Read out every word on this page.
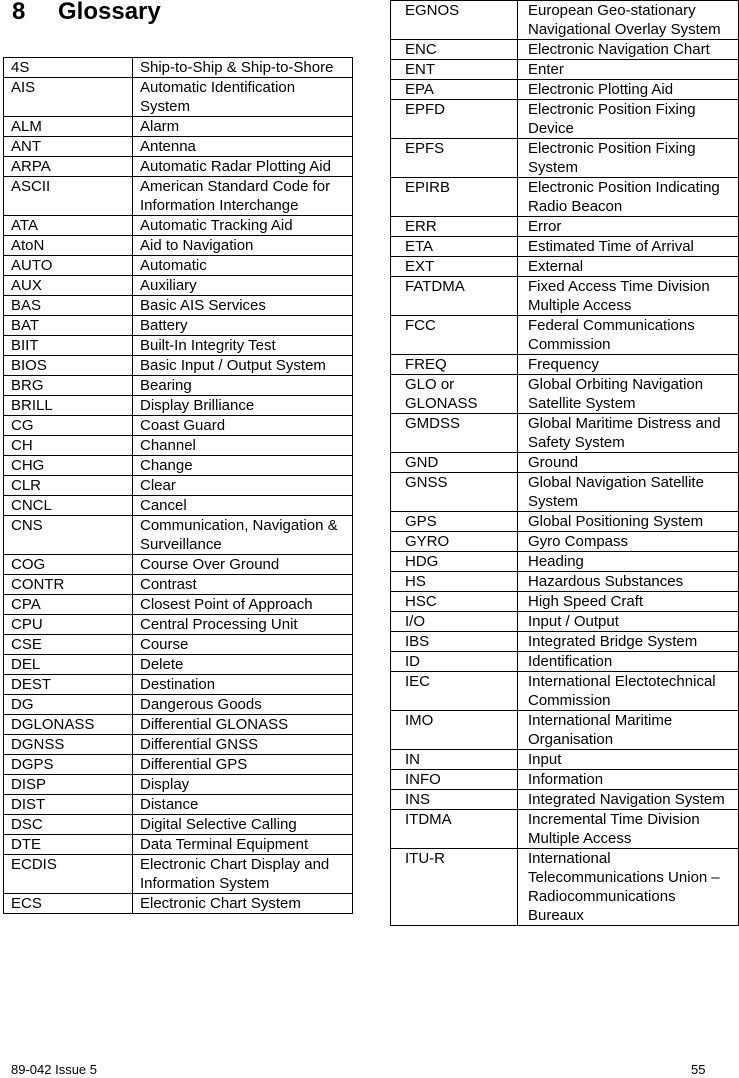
8 Glossary
4S	Ship-to-Ship & Ship-to-Shore
AIS	Automatic Identification System
ALM	Alarm
ANT	Antenna
ARPA	Automatic Radar Plotting Aid
ASCII	American Standard Code for Information Interchange
ATA	Automatic Tracking Aid
AtoN	Aid to Navigation
AUTO	Automatic
AUX	Auxiliary
BAS	Basic AIS Services
BAT	Battery
BIIT	Built-In Integrity Test
BIOS	Basic Input / Output System
BRG	Bearing
BRILL	Display Brilliance
CG	Coast Guard
CH	Channel
CHG	Change
CLR	Clear
CNCL	Cancel
CNS	Communication, Navigation & Surveillance
COG	Course Over Ground
CONTR	Contrast
CPA	Closest Point of Approach
CPU	Central Processing Unit
CSE	Course
DEL	Delete
DEST	Destination
DG	Dangerous Goods
DGLONASS	Differential GLONASS
DGNSS	Differential GNSS
DGPS	Differential GPS
DISP	Display
DIST	Distance
DSC	Digital Selective Calling
DTE	Data Terminal Equipment
ECDIS	Electronic Chart Display and Information System
ECS	Electronic Chart System
EGNOS	European Geo-stationary Navigational Overlay System
ENC	Electronic Navigation Chart
ENT	Enter
EPA	Electronic Plotting Aid
EPFD	Electronic Position Fixing Device
EPFS	Electronic Position Fixing System
EPIRB	Electronic Position Indicating Radio Beacon
ERR	Error
ETA	Estimated Time of Arrival
EXT	External
FATDMA	Fixed Access Time Division Multiple Access
FCC	Federal Communications Commission
FREQ	Frequency
GLO or GLONASS	Global Orbiting Navigation Satellite System
GMDSS	Global Maritime Distress and Safety System
GND	Ground
GNSS	Global Navigation Satellite System
GPS	Global Positioning System
GYRO	Gyro Compass
HDG	Heading
HS	Hazardous Substances
HSC	High Speed Craft
I/O	Input / Output
IBS	Integrated Bridge System
ID	Identification
IEC	International Electotechnical Commission
IMO	International Maritime Organisation
IN	Input
INFO	Information
INS	Integrated Navigation System
ITDMA	Incremental Time Division Multiple Access
ITU-R	International Telecommunications Union – Radiocommunications Bureaux
89-042 Issue 5	55
